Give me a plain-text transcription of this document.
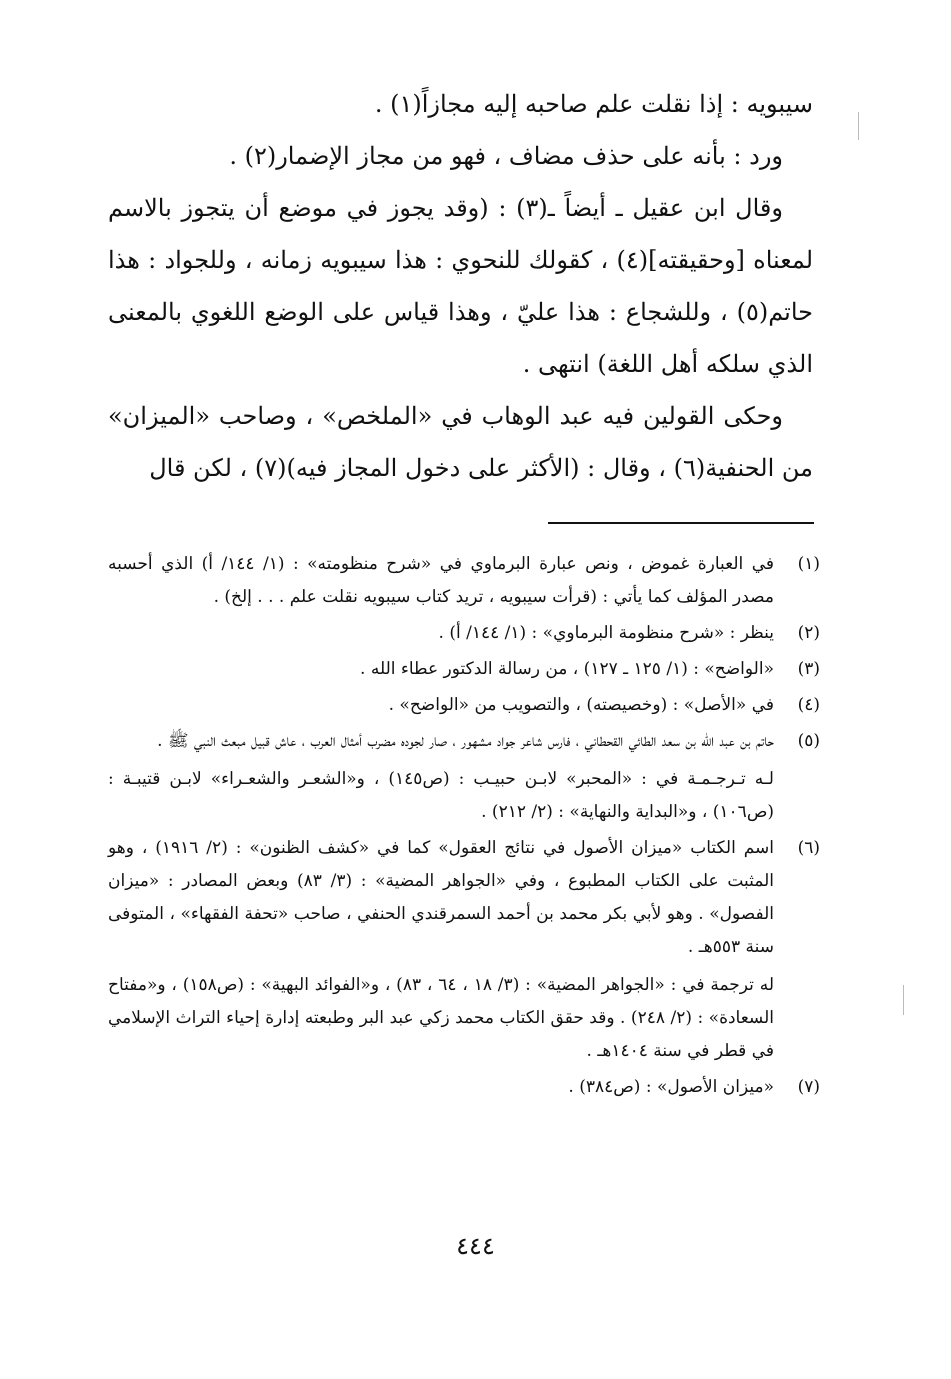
سيبويه : إذا نقلت علم صاحبه إليه مجازاً(١) .

ورد : بأنه على حذف مضاف ، فهو من مجاز الإضمار(٢) .

وقال ابن عقيل ـ أيضاً ـ(٣) : (وقد يجوز في موضع أن يتجوز بالاسم لمعناه [وحقيقته](٤) ، كقولك للنحوي : هذا سيبويه زمانه ، وللجواد : هذا حاتم(٥) ، وللشجاع : هذا عليّ ، وهذا قياس على الوضع اللغوي بالمعنى الذي سلكه أهل اللغة) انتهى .

وحكى القولين فيه عبد الوهاب في «الملخص» ، وصاحب «الميزان» من الحنفية(٦) ، وقال : (الأكثر على دخول المجاز فيه)(٧) ، لكن قال

(١)
في العبارة غموض ، ونص عبارة البرماوي في «شرح منظومته» : (١/ ١٤٤/ أ) الذي أحسبه مصدر المؤلف كما يأتي : (قرأت سيبويه ، تريد كتاب سيبويه نقلت علم . . . إلخ) .
(٢)
ينظر : «شرح منظومة البرماوي» : (١/ ١٤٤/ أ) .
(٣)
«الواضح» : (١/ ١٢٥ ـ ١٢٧) ، من رسالة الدكتور عطاء الله .
(٤)
في «الأصل» : (وخصيصته) ، والتصويب من «الواضح» .
(٥)
حاتم بن عبد الله بن سعد الطائي القحطاني ، فارس شاعر جواد مشهور ، صار لجوده مضرب أمثال العرب ، عاش قبيل مبعث النبي ﷺ .
لـه تـرجـمـة في : «المحبر» لابـن حبيـب : (ص١٤٥) ، و«الشعـر والشعـراء» لابـن قتيبـة : (ص١٠٦) ، و«البداية والنهاية» : (٢/ ٢١٢) .
(٦)
اسم الكتاب «ميزان الأصول في نتائج العقول» كما في «كشف الظنون» : (٢/ ١٩١٦) ، وهو المثبت على الكتاب المطبوع ، وفي «الجواهر المضية» : (٣/ ٨٣) وبعض المصادر : «ميزان الفصول» . وهو لأبي بكر محمد بن أحمد السمرقندي الحنفي ، صاحب «تحفة الفقهاء» ، المتوفى سنة ٥٥٣هـ .
له ترجمة في : «الجواهر المضية» : (٣/ ١٨ ، ٦٤ ، ٨٣) ، و«الفوائد البهية» : (ص١٥٨) ، و«مفتاح السعادة» : (٢/ ٢٤٨) . وقد حقق الكتاب محمد زكي عبد البر وطبعته إدارة إحياء التراث الإسلامي في قطر في سنة ١٤٠٤هـ .
(٧)
«ميزان الأصول» : (ص٣٨٤) .
٤٤٤
